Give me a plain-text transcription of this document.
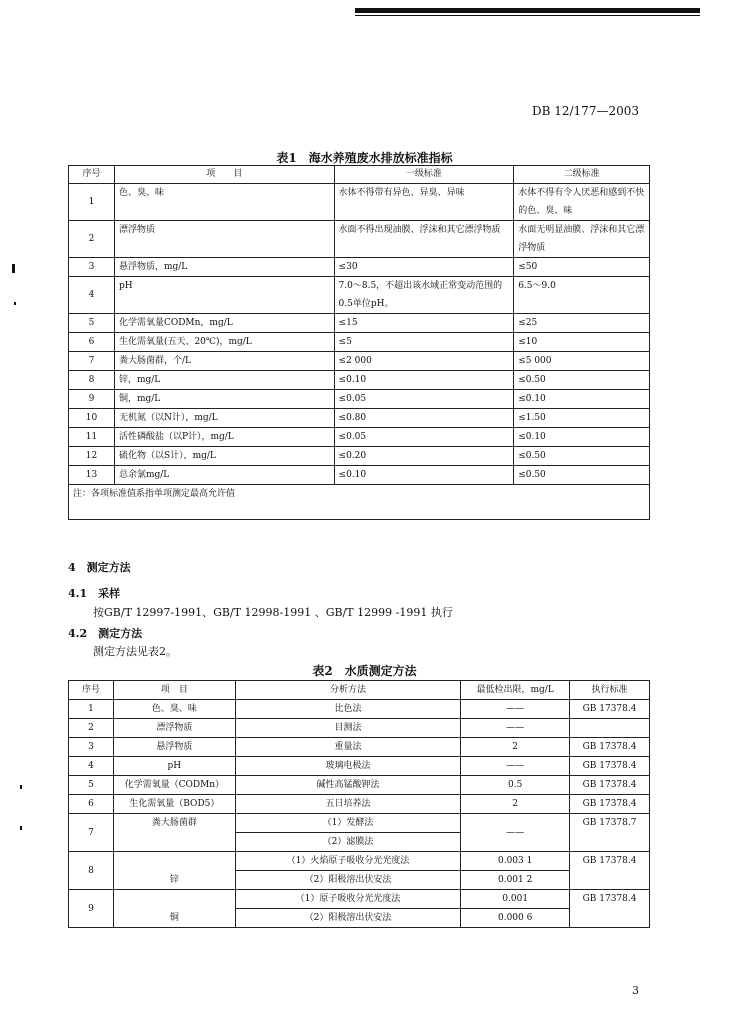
DB 12/177—2003
表1　海水养殖废水排放标准指标
序号	项　　目	一级标准	二级标准
1	色、臭、味	水体不得带有异色、异臭、异味	水体不得有令人厌恶和感到不快的色、臭、味
2	漂浮物质	水面不得出现油膜、浮沫和其它漂浮物质	水面无明显油膜、浮沫和其它漂浮物质
3	悬浮物质，mg/L	≤30	≤50
4	pH	7.0～8.5，不超出该水域正常变动范围的0.5单位pH。	6.5～9.0
5	化学需氧量CODMn，mg/L	≤15	≤25
6	生化需氧量(五天、20℃)，mg/L	≤5	≤10
7	粪大肠菌群，个/L	≤2 000	≤5 000
8	锌，mg/L	≤0.10	≤0.50
9	铜，mg/L	≤0.05	≤0.10
10	无机氮（以N计），mg/L	≤0.80	≤1.50
11	活性磷酸盐（以P计），mg/L	≤0.05	≤0.10
12	硫化物（以S计），mg/L	≤0.20	≤0.50
13	总余氯mg/L	≤0.10	≤0.50
注：各项标准值系指单项测定最高允许值			
4　测定方法
4.1　采样
按GB/T 12997-1991、GB/T 12998-1991 、GB/T 12999 -1991 执行
4.2　测定方法
测定方法见表2。
表2　水质测定方法
序号	项　目	分析方法	最低检出限，mg/L	执行标准
1	色、臭、味	比色法	——	GB 17378.4
2	漂浮物质	目测法	——	
3	悬浮物质	重量法	2	GB 17378.4
4	pH	玻璃电极法	——	GB 17378.4
5	化学需氧量（CODMn）	碱性高锰酸钾法	0.5	GB 17378.4
6	生化需氧量（BOD5）	五日培养法	2	GB 17378.4
7	粪大肠菌群	（1）发酵法	——	GB 17378.7
		（2）滤膜法		
8	锌	（1）火焰原子吸收分光光度法	0.003 1	GB 17378.4
		（2）阳极溶出伏安法	0.001 2	
9	铜	（1）原子吸收分光光度法	0.001	GB 17378.4
		（2）阳极溶出伏安法	0.000 6	
3
